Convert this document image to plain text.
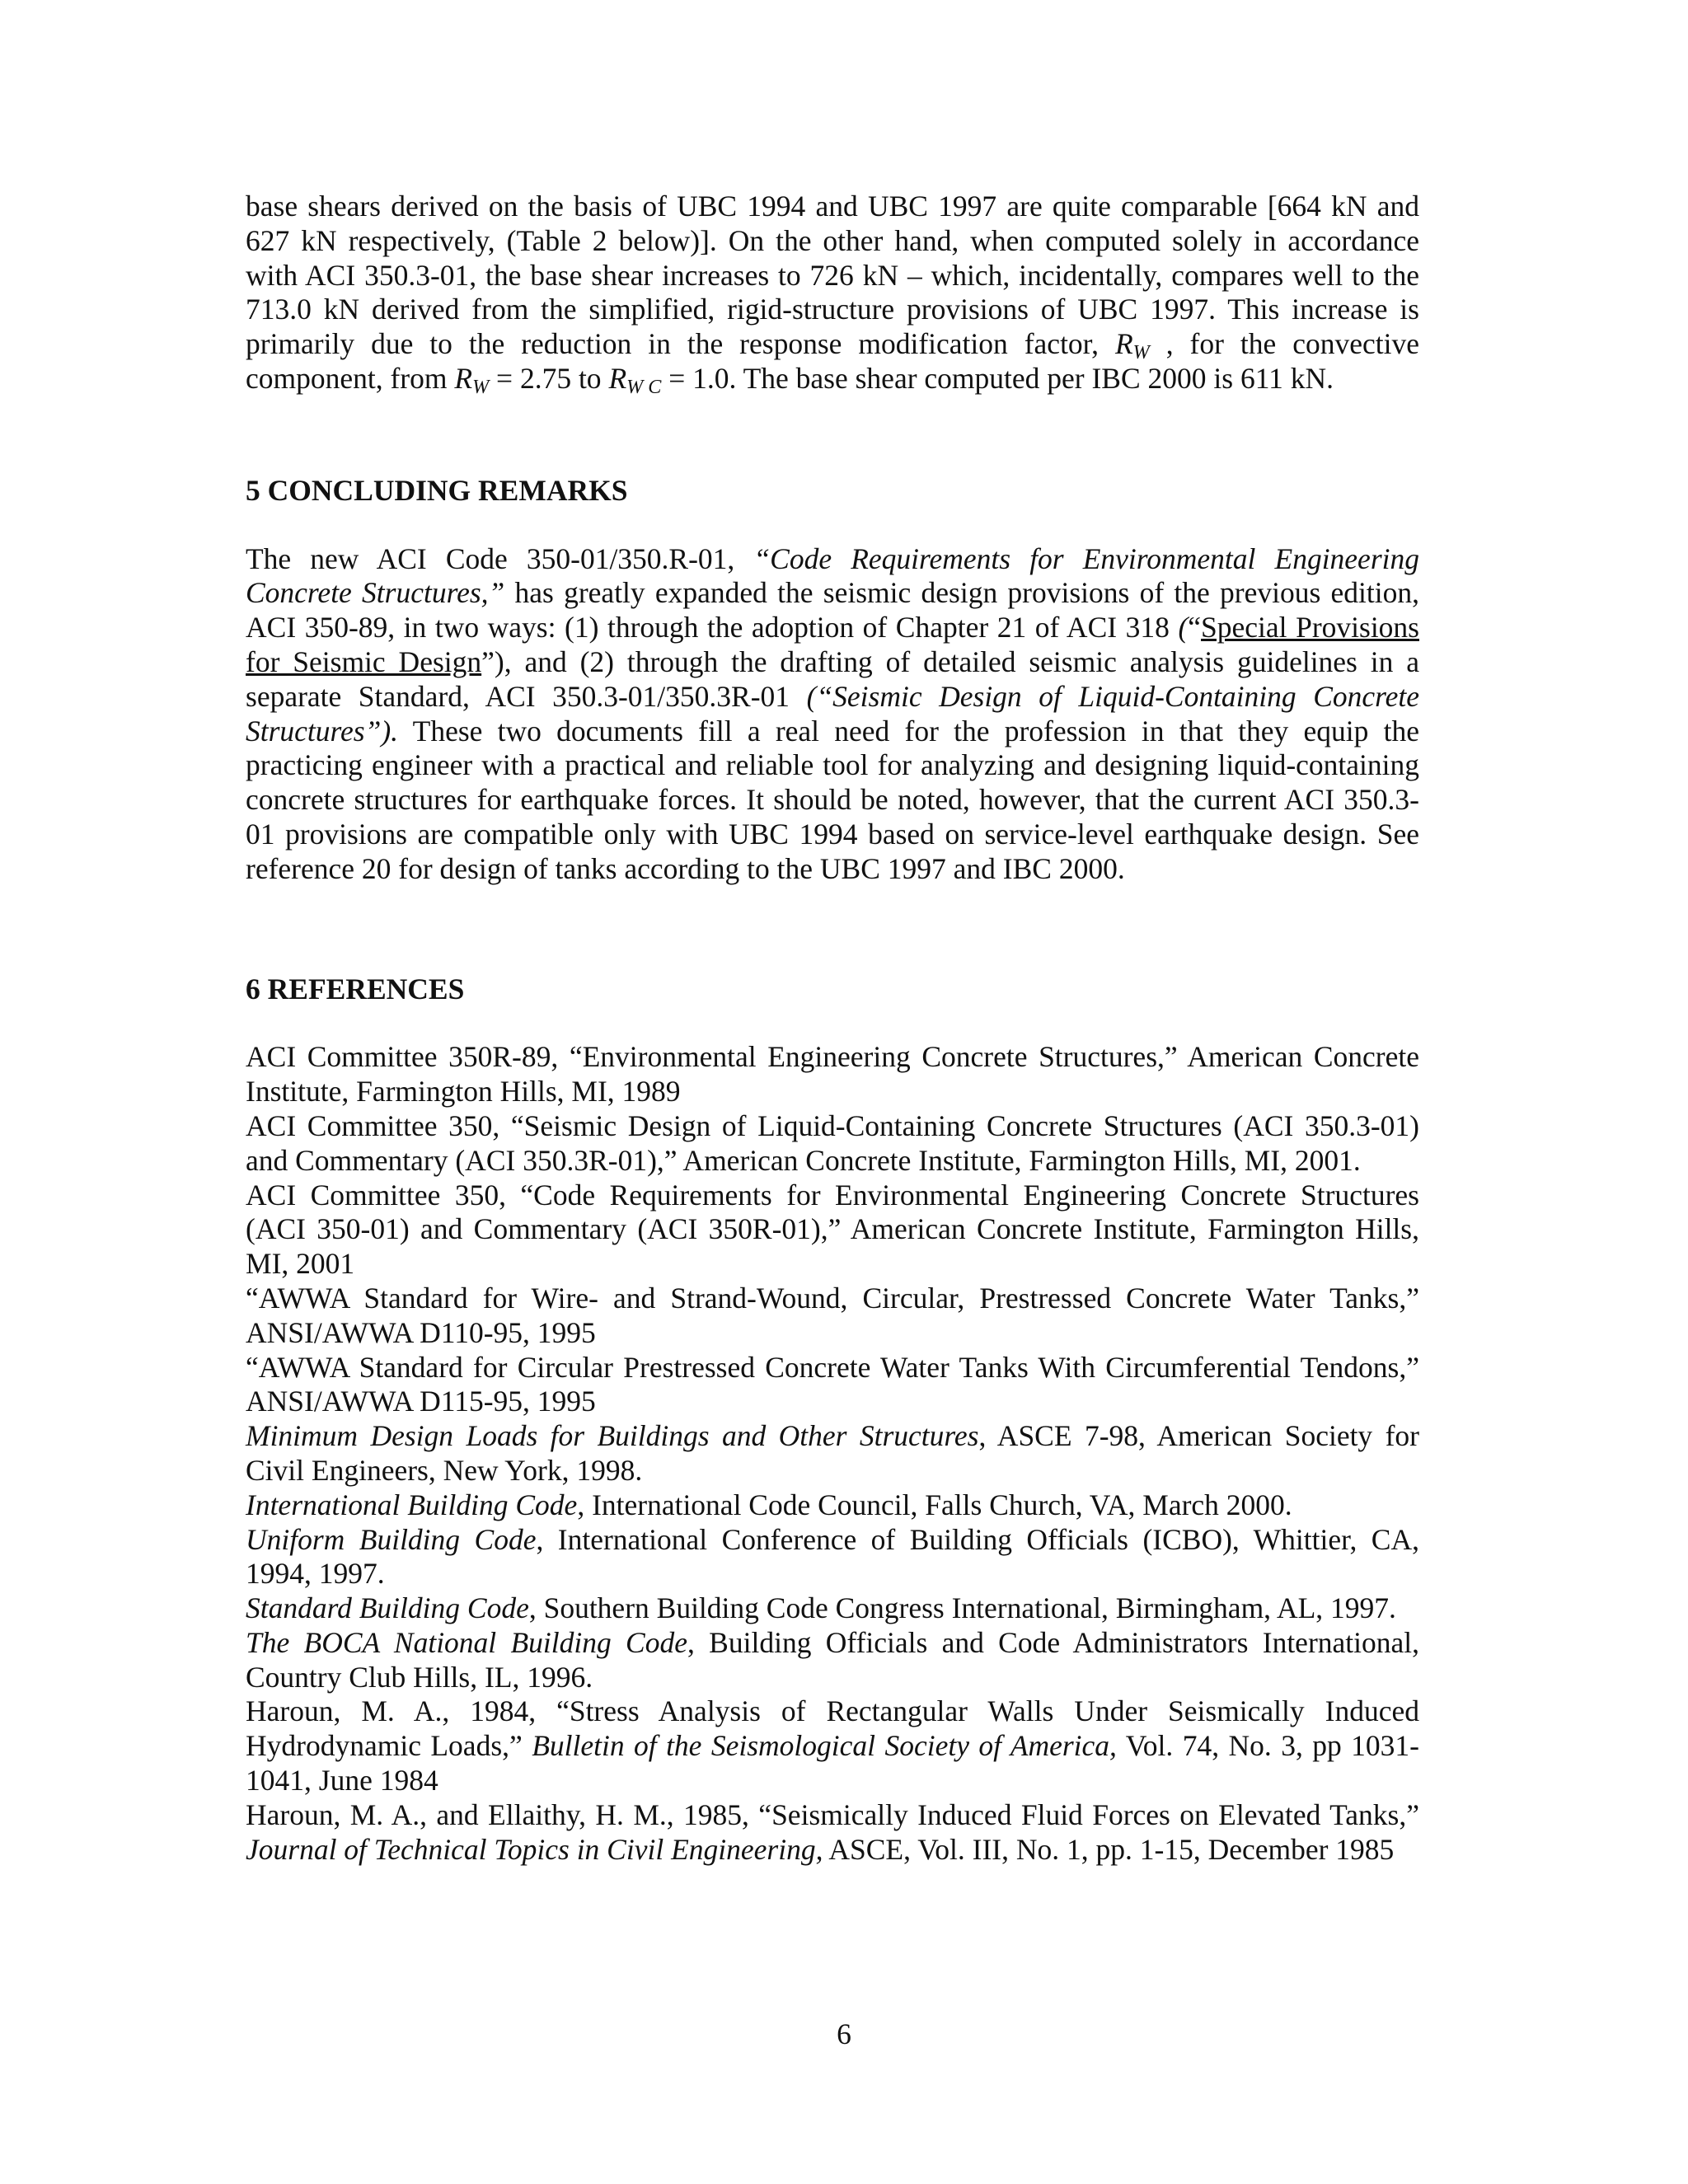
base shears derived on the basis of UBC 1994 and UBC 1997 are quite comparable [664 kN and 627 kN respectively, (Table 2 below)]. On the other hand, when computed solely in accordance with ACI 350.3-01, the base shear increases to 726 kN – which, incidentally, compares well to the 713.0 kN derived from the simplified, rigid-structure provisions of UBC 1997. This increase is primarily due to the reduction in the response modification factor, $R_W$ , for the convective component, from $R_W = 2.75$ to $R_{W C} = 1.0$. The base shear computed per IBC 2000 is 611 kN.

5 CONCLUDING REMARKS

The new ACI Code 350-01/350.R-01, “Code Requirements for Environmental Engineering Concrete Structures,” has greatly expanded the seismic design provisions of the previous edition, ACI 350-89, in two ways: (1) through the adoption of Chapter 21 of ACI 318 (“Special Provisions for Seismic Design”), and (2) through the drafting of detailed seismic analysis guidelines in a separate Standard, ACI 350.3-01/350.3R-01 (“Seismic Design of Liquid-Containing Concrete Structures”). These two documents fill a real need for the profession in that they equip the practicing engineer with a practical and reliable tool for analyzing and designing liquid-containing concrete structures for earthquake forces. It should be noted, however, that the current ACI 350.3-01 provisions are compatible only with UBC 1994 based on service-level earthquake design. See reference 20 for design of tanks according to the UBC 1997 and IBC 2000.

6 REFERENCES

ACI Committee 350R-89, “Environmental Engineering Concrete Structures,” American Concrete Institute, Farmington Hills, MI, 1989

ACI Committee 350, “Seismic Design of Liquid-Containing Concrete Structures (ACI 350.3-01) and Commentary (ACI 350.3R-01),” American Concrete Institute, Farmington Hills, MI, 2001.

ACI Committee 350, “Code Requirements for Environmental Engineering Concrete Structures (ACI 350-01) and Commentary (ACI 350R-01),” American Concrete Institute, Farmington Hills, MI, 2001

“AWWA Standard for Wire- and Strand-Wound, Circular, Prestressed Concrete Water Tanks,” ANSI/AWWA D110-95, 1995

“AWWA Standard for Circular Prestressed Concrete Water Tanks With Circumferential Tendons,” ANSI/AWWA D115-95, 1995

Minimum Design Loads for Buildings and Other Structures, ASCE 7-98, American Society for Civil Engineers, New York, 1998.

International Building Code, International Code Council, Falls Church, VA, March 2000.

Uniform Building Code, International Conference of Building Officials (ICBO), Whittier, CA, 1994, 1997.

Standard Building Code, Southern Building Code Congress International, Birmingham, AL, 1997.

The BOCA National Building Code, Building Officials and Code Administrators International, Country Club Hills, IL, 1996.

Haroun, M. A., 1984, “Stress Analysis of Rectangular Walls Under Seismically Induced Hydrodynamic Loads,” Bulletin of the Seismological Society of America, Vol. 74, No. 3, pp 1031-1041, June 1984

Haroun, M. A., and Ellaithy, H. M., 1985, “Seismically Induced Fluid Forces on Elevated Tanks,” Journal of Technical Topics in Civil Engineering, ASCE, Vol. III, No. 1, pp. 1-15, December 1985

6
